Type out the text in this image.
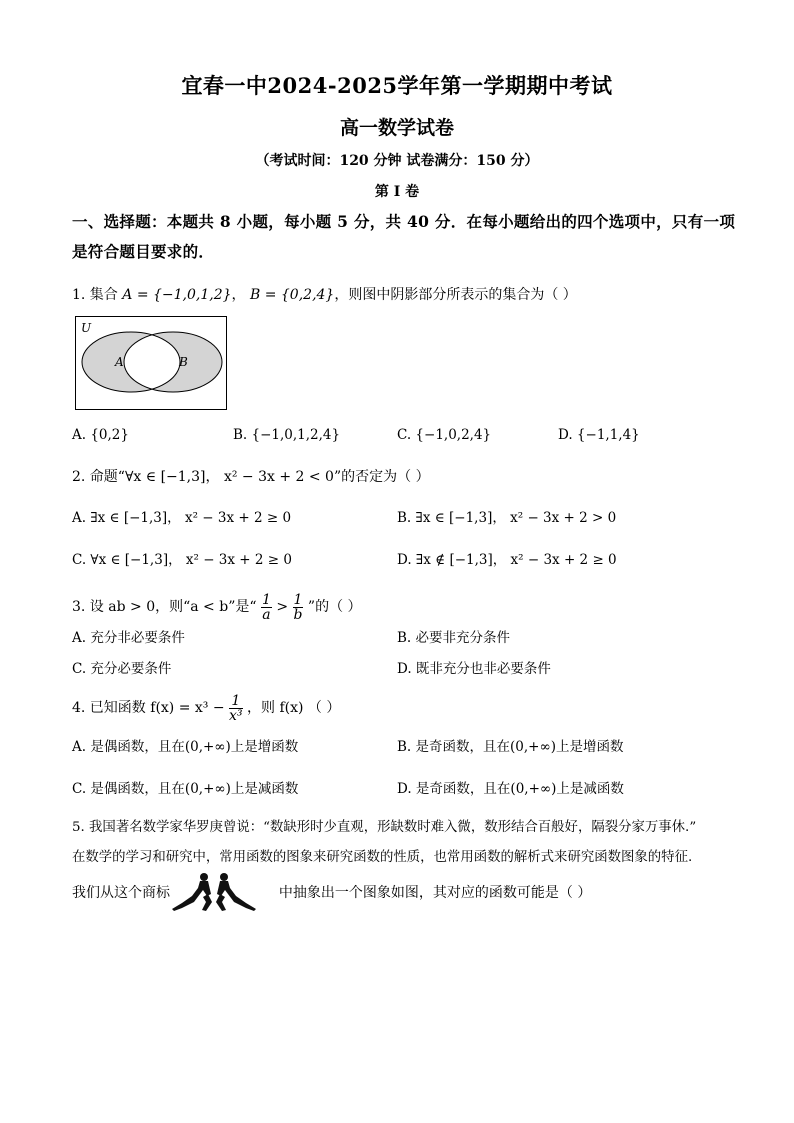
宜春一中2024-2025学年第一学期期中考试
高一数学试卷
（考试时间：120 分钟 试卷满分：150 分）
第 I 卷
一、选择题：本题共 8 小题，每小题 5 分，共 40 分．在每小题给出的四个选项中，只有一项
是符合题目要求的．
1. 集合 A = {−1,0,1,2}， B = {0,2,4}，则图中阴影部分所表示的集合为（ ）
U
A	B
A. {0,2}	B. {−1,0,1,2,4}	C. {−1,0,2,4}	D. {−1,1,4}
2. 命题“∀x ∈ [−1,3]， x² − 3x + 2 < 0”的否定为（ ）
A. ∃x ∈ [−1,3]， x² − 3x + 2 ≥ 0	B. ∃x ∈ [−1,3]， x² − 3x + 2 > 0
C. ∀x ∈ [−1,3]， x² − 3x + 2 ≥ 0	D. ∃x ∉ [−1,3]， x² − 3x + 2 ≥ 0
3. 设 ab > 0，则“a < b”是“ $\frac{1}{a} > \frac{1}{b}$ ”的（ ）
A. 充分非必要条件	B. 必要非充分条件
C. 充分必要条件	D. 既非充分也非必要条件
4. 已知函数 $f(x) = x^3 - \frac{1}{\text{x³}}$ ，则 f(x) （ ）
A. 是偶函数，且在(0,+∞)上是增函数	B. 是奇函数，且在(0,+∞)上是增函数
C. 是偶函数，且在(0,+∞)上是减函数	D. 是奇函数，且在(0,+∞)上是减函数
5. 我国著名数学家华罗庚曾说：“数缺形时少直观，形缺数时难入微，数形结合百般好，隔裂分家万事休.”
在数学的学习和研究中，常用函数的图象来研究函数的性质，也常用函数的解析式来研究函数图象的特征.
我们从这个商标	中抽象出一个图象如图，其对应的函数可能是（ ）
